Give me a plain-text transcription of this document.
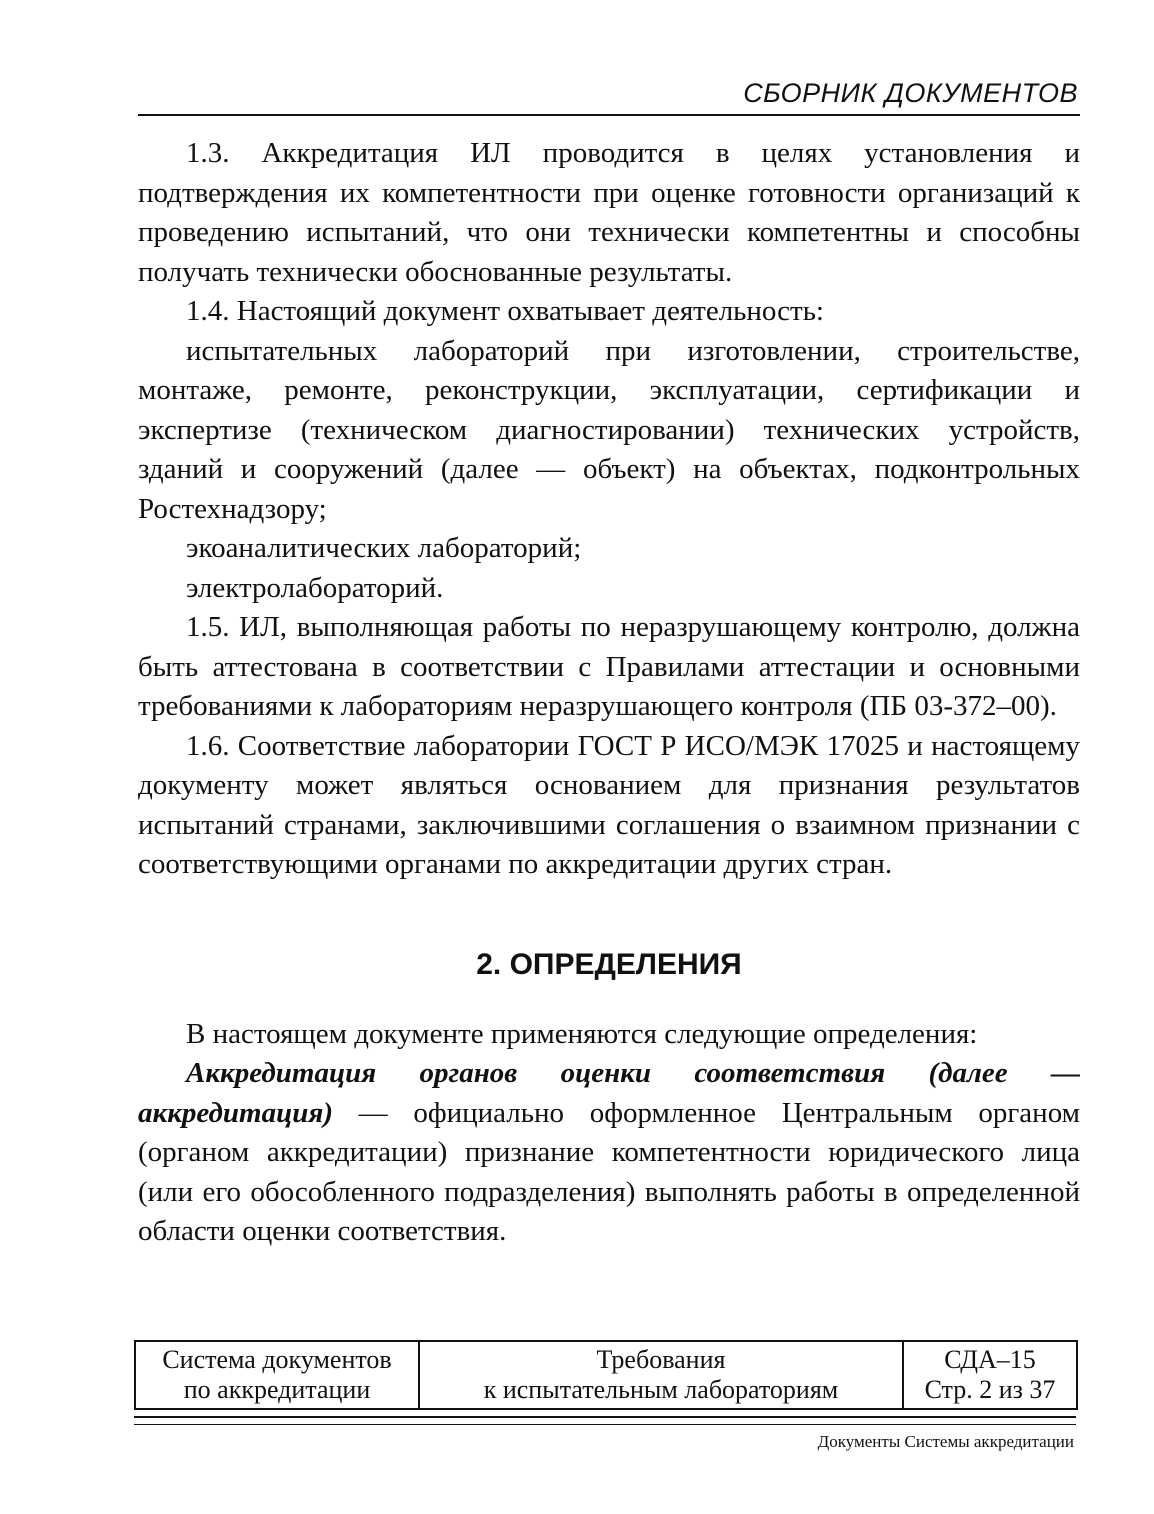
СБОРНИК ДОКУМЕНТОВ

1.3. Аккредитация ИЛ проводится в целях установления и подтверждения их компетентности при оценке готовности организаций к проведению испытаний, что они технически компетентны и способны получать технически обоснованные результаты.

1.4. Настоящий документ охватывает деятельность:

испытательных лабораторий при изготовлении, строительстве, монтаже, ремонте, реконструкции, эксплуатации, сертификации и экспертизе (техническом диагностировании) технических устройств, зданий и сооружений (далее — объект) на объектах, подконтрольных Ростехнадзору;

экоаналитических лабораторий;

электролабораторий.

1.5. ИЛ, выполняющая работы по неразрушающему контролю, должна быть аттестована в соответствии с Правилами аттестации и основными требованиями к лабораториям неразрушающего контроля (ПБ 03-372–00).

1.6. Соответствие лаборатории ГОСТ Р ИСО/МЭК 17025 и настоящему документу может являться основанием для признания результатов испытаний странами, заключившими соглашения о взаимном признании с соответствующими органами по аккредитации других стран.

2. ОПРЕДЕЛЕНИЯ

В настоящем документе применяются следующие определения:

Аккредитация органов оценки соответствия (далее — аккредитация) — официально оформленное Центральным органом (органом аккредитации) признание компетентности юридического лица (или его обособленного подразделения) выполнять работы в определенной области оценки соответствия.

Система документов
по аккредитации
Требования
к испытательным лабораториям
СДА–15
Стр. 2 из 37
Документы Системы аккредитации
